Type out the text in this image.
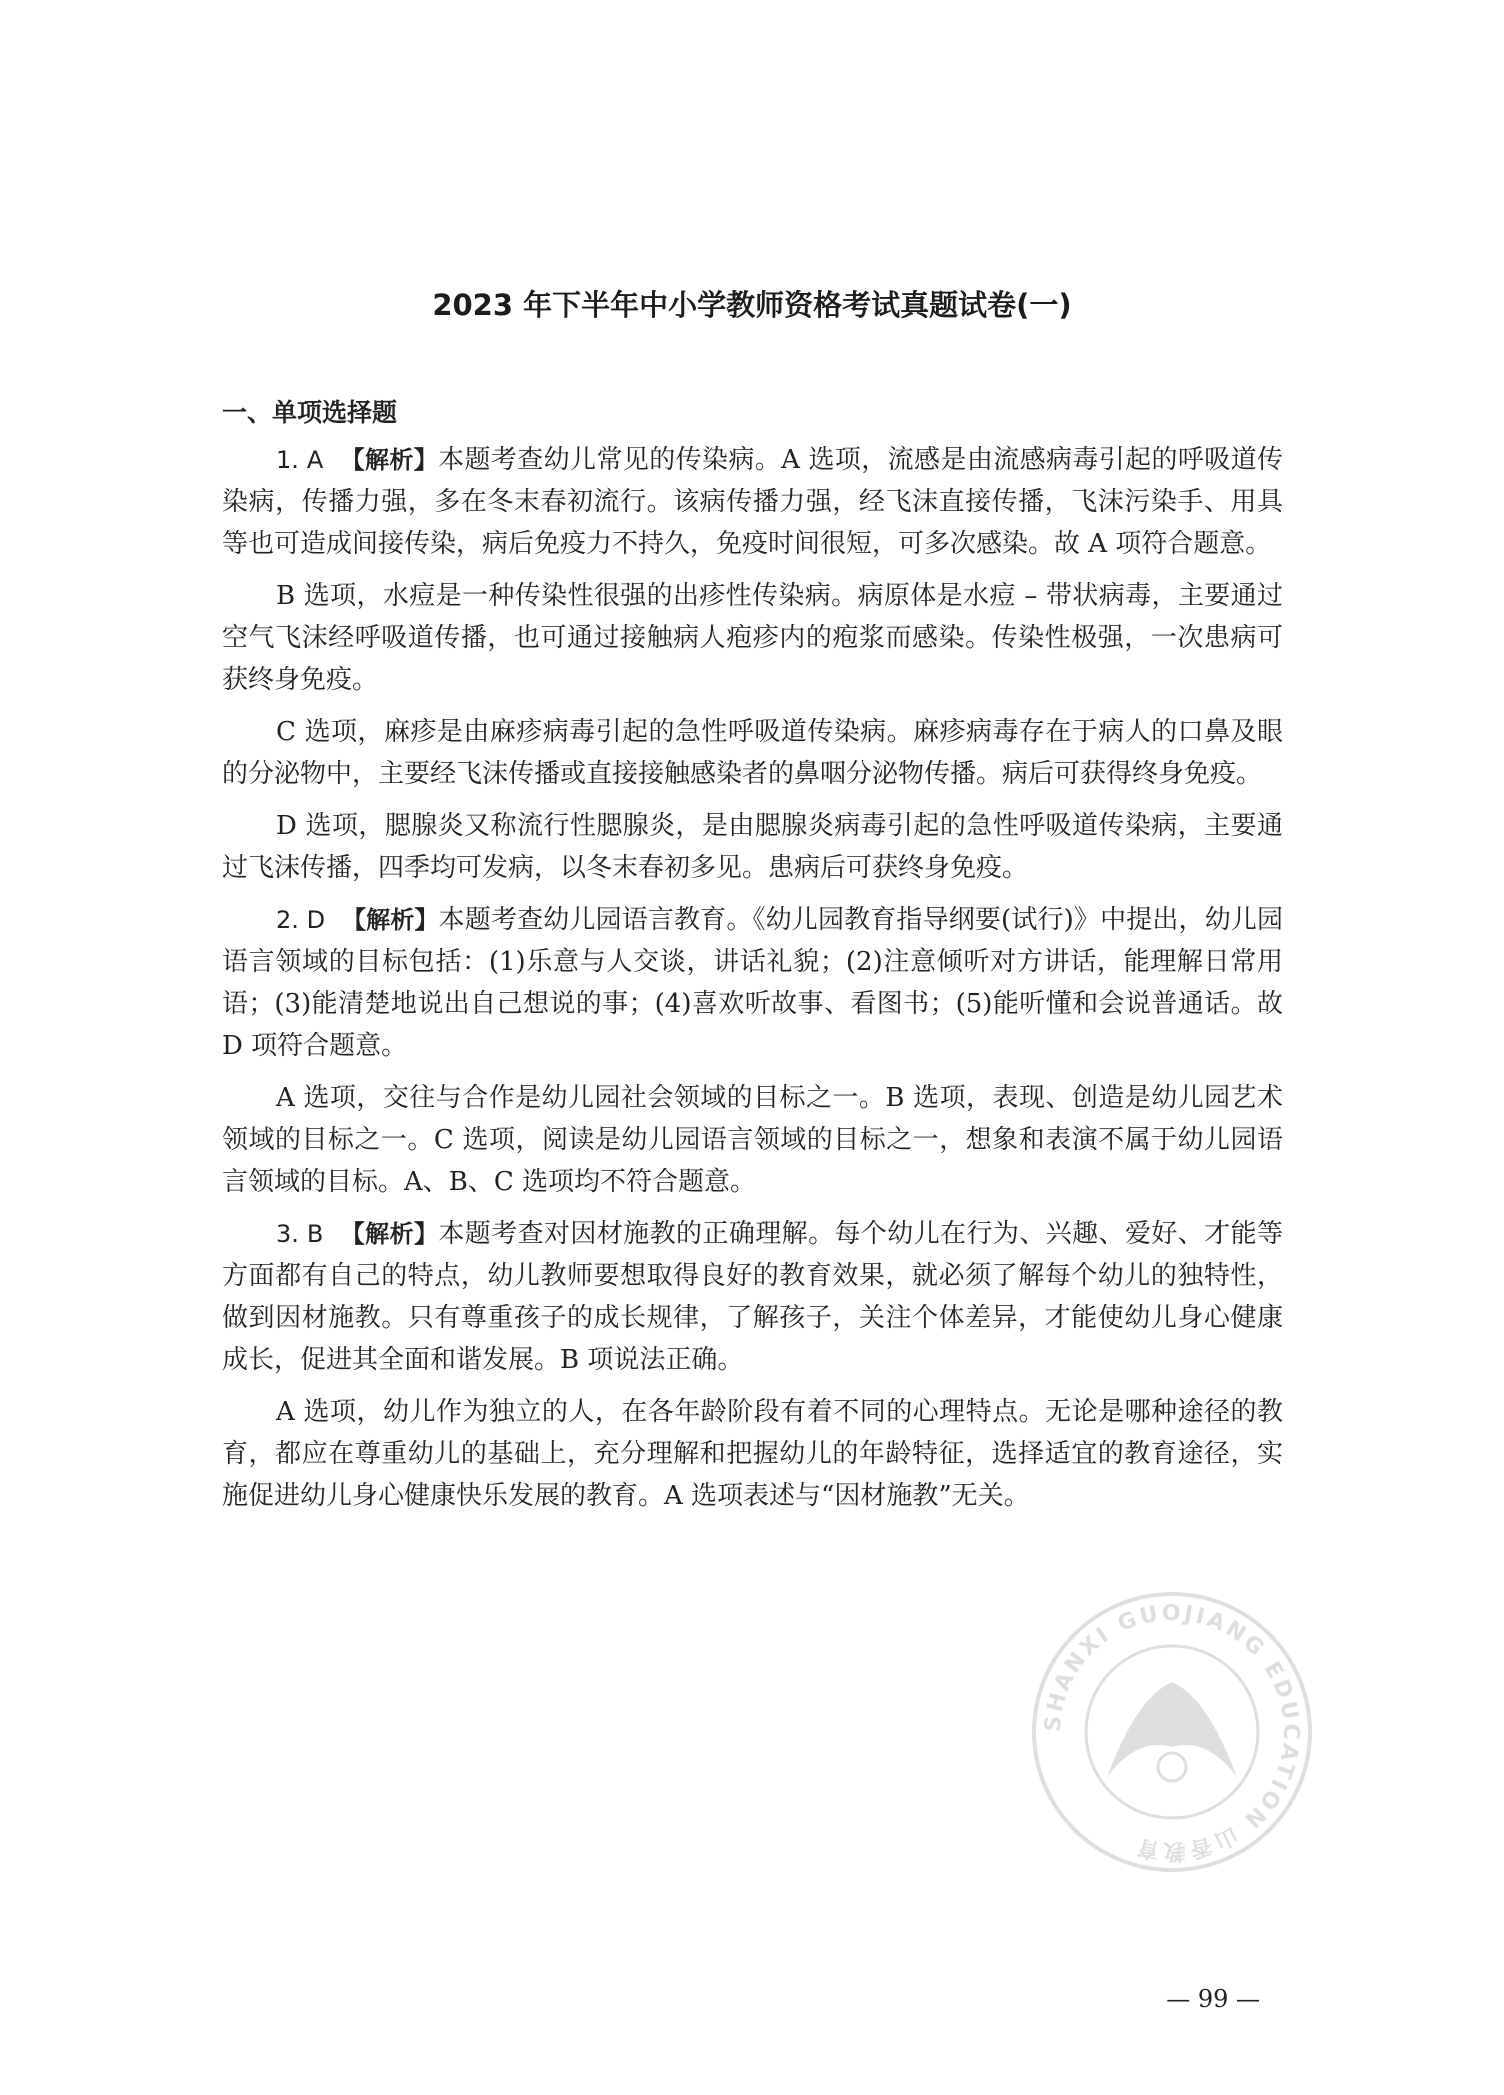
2023 年下半年中小学教师资格考试真题试卷(一)
一、单项选择题

1. A 【解析】本题考查幼儿常见的传染病。A 选项，流感是由流感病毒引起的呼吸道传染病，传播力强，多在冬末春初流行。该病传播力强，经飞沫直接传播，飞沫污染手、用具等也可造成间接传染，病后免疫力不持久，免疫时间很短，可多次感染。故 A 项符合题意。

B 选项，水痘是一种传染性很强的出疹性传染病。病原体是水痘 – 带状病毒，主要通过空气飞沫经呼吸道传播，也可通过接触病人疱疹内的疱浆而感染。传染性极强，一次患病可获终身免疫。

C 选项，麻疹是由麻疹病毒引起的急性呼吸道传染病。麻疹病毒存在于病人的口鼻及眼的分泌物中，主要经飞沫传播或直接接触感染者的鼻咽分泌物传播。病后可获得终身免疫。

D 选项，腮腺炎又称流行性腮腺炎，是由腮腺炎病毒引起的急性呼吸道传染病，主要通过飞沫传播，四季均可发病，以冬末春初多见。患病后可获终身免疫。

2. D 【解析】本题考查幼儿园语言教育。《幼儿园教育指导纲要(试行)》中提出，幼儿园语言领域的目标包括：(1)乐意与人交谈，讲话礼貌；(2)注意倾听对方讲话，能理解日常用语；(3)能清楚地说出自己想说的事；(4)喜欢听故事、看图书；(5)能听懂和会说普通话。故 D 项符合题意。

A 选项，交往与合作是幼儿园社会领域的目标之一。B 选项，表现、创造是幼儿园艺术领域的目标之一。C 选项，阅读是幼儿园语言领域的目标之一，想象和表演不属于幼儿园语言领域的目标。A、B、C 选项均不符合题意。

3. B 【解析】本题考查对因材施教的正确理解。每个幼儿在行为、兴趣、爱好、才能等方面都有自己的特点，幼儿教师要想取得良好的教育效果，就必须了解每个幼儿的独特性，做到因材施教。只有尊重孩子的成长规律，了解孩子，关注个体差异，才能使幼儿身心健康成长，促进其全面和谐发展。B 项说法正确。

A 选项，幼儿作为独立的人，在各年龄阶段有着不同的心理特点。无论是哪种途径的教育，都应在尊重幼儿的基础上，充分理解和把握幼儿的年龄特征，选择适宜的教育途径，实施促进幼儿身心健康快乐发展的教育。A 选项表述与“因材施教”无关。

SHANXI GUOJIANG EDUCATION 山香教育
— 99 —
